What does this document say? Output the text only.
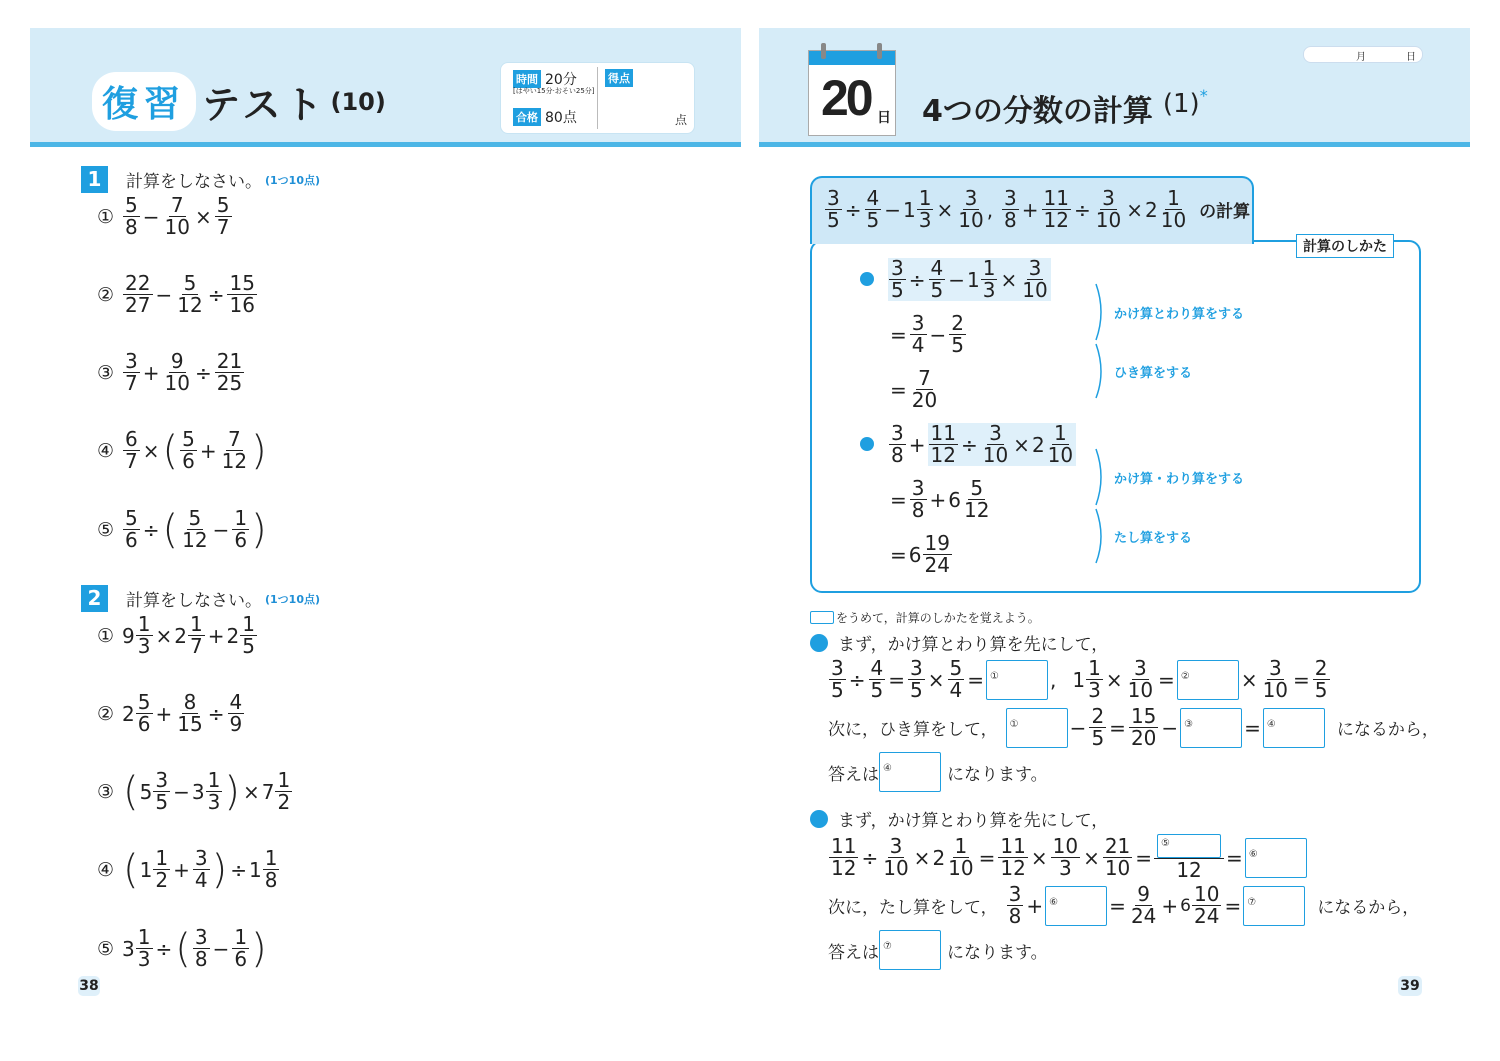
復習 テスト (10)
時間 20分
[はやい15分·おそい25分]
合格 80点
得点
点
1	計算をしなさい。 (1つ10点)
① $\frac{5}{8} - \frac{7}{10} \times \frac{5}{7}$
② $\frac{22}{27} - \frac{5}{12} \div \frac{15}{16}$
③ $\frac{3}{7} + \frac{9}{10} \div \frac{21}{25}$
④ $\frac{6}{7}$ × ( $\frac{5}{6} + \frac{7}{12}$ )
⑤ $\frac{5}{6}$ ÷ ( $\frac{5}{12} - \frac{1}{6}$ )
2	計算をしなさい。 (1つ10点)
① $9 \frac{1}{3} \times 2 \frac{1}{7} + 2 \frac{1}{5}$
② $2 \frac{5}{6} + \frac{8}{15} \div \frac{4}{9}$
③ ( $5 \frac{3}{5} - 3 \frac{1}{3}$ ) × $7 \frac{1}{2}$
④ ( $1 \frac{1}{2} + \frac{3}{4}$ ) ÷ $1 \frac{1}{8}$
⑤ $3 \frac{1}{3}$ ÷ ( $\frac{3}{8} - \frac{1}{6}$ )
38
20 日 4つの分数の計算 (1) *
月	日
$\frac{3}{5} \div \frac{4}{5} - 1 \frac{1}{3} \times \frac{3}{10}$ , $\frac{3}{8} + \frac{11}{12} \div \frac{3}{10} \times 2 \frac{1}{10}$ の計算
計算のしかた
$\frac{3}{5} \div \frac{4}{5} - 1 \frac{1}{3} \times \frac{3}{10}$
= $\frac{3}{4} - \frac{2}{5}$
= $\frac{7}{20}$
かけ算とわり算をする
ひき算をする
$\frac{3}{8} + \frac{11}{12} \div \frac{3}{10} \times 2 \frac{1}{10}$
= $\frac{3}{8} + 6 \frac{5}{12}$
= $6 \frac{19}{24}$
かけ算・わり算をする
たし算をする
をうめて，計算のしかたを覚えよう。
まず，かけ算とわり算を先にして，
$\frac{3}{5} \div \frac{4}{5} = \frac{3}{5} \times \frac{5}{4}$ = ①	, $1 \frac{1}{3} \times \frac{3}{10}$ = ②	× $\frac{3}{10} = \frac{2}{5}$
次に，ひき算をして， ①	− $\frac{2}{5} = \frac{15}{20}$ − ③	= ④	になるから，
答えは ④	になります。
まず，かけ算とわり算を先にして，
$\frac{11}{12} \div \frac{3}{10} \times 2 \frac{1}{10} = \frac{11}{12} \times \frac{10}{3} \times \frac{21}{10}$ =
⑤
12
= ⑥
次に，たし算をして， $\frac{3}{8}$ + ⑥	= $\frac{9}{24} + 6 \frac{10}{24}$ = ⑦	になるから，
答えは ⑦	になります。
39
